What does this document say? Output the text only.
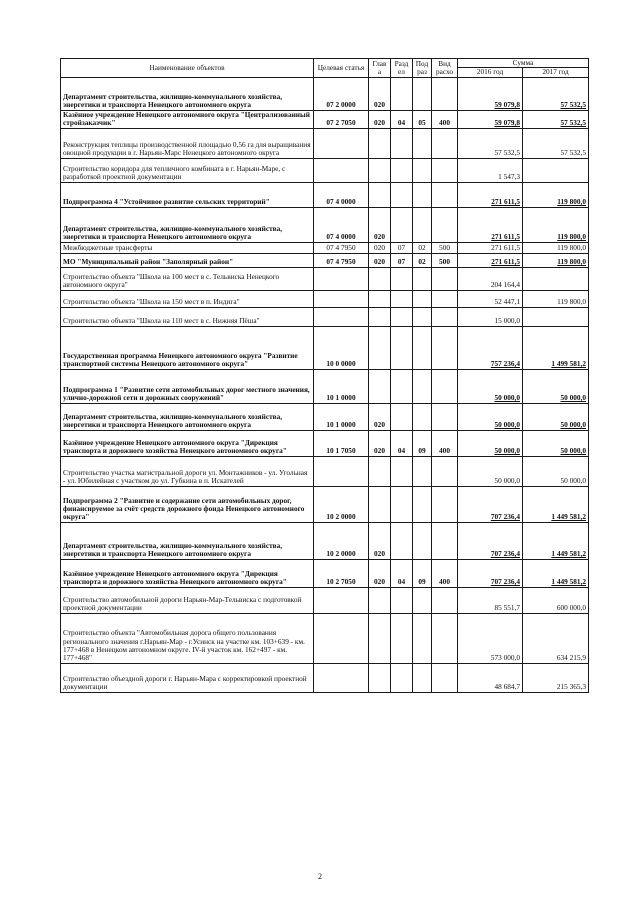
Наименование объектов	Целевая статья	Глав а	Разд ел	Под раз	Вид расхо	Сумма	
						2016 год	2017 год
Департамент строительства, жилищно-коммунального хозяйства, энергетики и транспорта Ненецкого автономного округа	07 2 0000	020				59 079,8	57 532,5
Казённое учреждение Ненецкого автономного округа "Централизованный стройзаказчик"	07 2 7050	020	04	05	400	59 079,8	57 532,5
Реконструкция теплицы производственной площадью 0,56 га для выращивания овощной продукции в г. Нарьян-Марс Ненецкого автономного округа						57 532,5	57 532,5
Строительство коридора для тепличного комбината в г. Нарьян-Маре, с разработкой проектной документации						1 547,3	
Подпрограмма 4 "Устойчивое развитие сельских территорий"	07 4 0000					271 611,5	119 800,0
Департамент строительства, жилищно-коммунального хозяйства, энергетики и транспорта Ненецкого автономного округа	07 4 0000	020				271 611,5	119 800,0
Межбюджетные трансферты	07 4 7950	020	07	02	500	271 611,5	119 800,0
МО "Муниципальный район "Заполярный район"	07 4 7950	020	07	02	500	271 611,5	119 800,0
Строительство объекта "Школа на 100 мест в с. Тельвиска Ненецкого автономного округа"						204 164,4	
Строительство объекта "Школа на 150 мест в п. Индига"						52 447,1	119 800,0
Строительство объекта "Школа на 110 мест в с. Нижняя Пёша"						15 000,0	
Государственная программа Ненецкого автономного округа "Развитие транспортной системы Ненецкого автономного округа"	10 0 0000					757 236,4	1 499 581,2
Подпрограмма 1 "Развитие сети автомобильных дорог местного значения, улично-дорожной сети и дорожных сооружений"	10 1 0000					50 000,0	50 000,0
Департамент строительства, жилищно-коммунального хозяйства, энергетики и транспорта Ненецкого автономного округа	10 1 0000	020				50 000,0	50 000,0
Казённое учреждение Ненецкого автономного округа "Дирекция транспорта и дорожного хозяйства Ненецкого автономного округа"	10 1 7050	020	04	09	400	50 000,0	50 000,0
Строительство участка магистральной дороги ул. Монтажников - ул. Угольная - ул. Юбилейная с участком до ул. Губкина в п. Искателей						50 000,0	50 000,0
Подпрограмма 2 "Развитие и содержание сети автомобильных дорог, финансируемое за счёт средств дорожного фонда Ненецкого автономного округа"	10 2 0000					707 236,4	1 449 581,2
Департамент строительства, жилищно-коммунального хозяйства, энергетики и транспорта Ненецкого автономного округа	10 2 0000	020				707 236,4	1 449 581,2
Казённое учреждение Ненецкого автономного округа "Дирекция транспорта и дорожного хозяйства Ненецкого автономного округа"	10 2 7050	020	04	09	400	707 236,4	1 449 581,2
Строительство автомобильной дороги Нарьян-Мар-Тельвиска с подготовкой проектной документации						85 551,7	600 000,0
Строительство объекта "Автомобильная дорога общего пользования регионального значения г.Нарьян-Мар - г.Усинск на участке км. 103+639 - км. 177+468 в Ненецком автономном округе. IV-й участок км. 162+497 - км. 177+468"						573 000,0	634 215,9
Строительство объездной дороги г. Нарьян-Мара с корректировкой проектной документации						48 684,7	215 365,3
2
